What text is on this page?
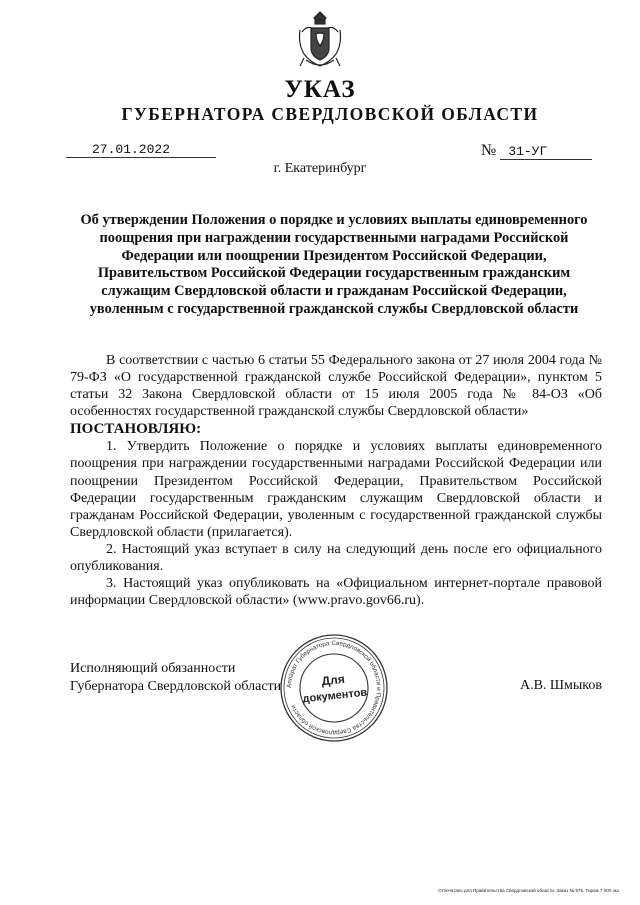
УКАЗ
ГУБЕРНАТОРА СВЕРДЛОВСКОЙ ОБЛАСТИ
27.01.2022	№ 31-УГ
г. Екатеринбург
Об утверждении Положения о порядке и условиях выплаты единовременного поощрения при награждении государственными наградами Российской Федерации или поощрении Президентом Российской Федерации, Правительством Российской Федерации государственным гражданским служащим Свердловской области и гражданам Российской Федерации, уволенным с государственной гражданской службы Свердловской области

В соответствии с частью 6 статьи 55 Федерального закона от 27 июля 2004 года № 79-ФЗ «О государственной гражданской службе Российской Федерации», пунктом 5 статьи 32 Закона Свердловской области от 15 июля 2005 года № 84-ОЗ «Об особенностях государственной гражданской службы Свердловской области»

ПОСТАНОВЛЯЮ:

1. Утвердить Положение о порядке и условиях выплаты единовременного поощрения при награждении государственными наградами Российской Федерации или поощрении Президентом Российской Федерации, Правительством Российской Федерации государственным гражданским служащим Свердловской области и гражданам Российской Федерации, уволенным с государственной гражданской службы Свердловской области (прилагается).

2. Настоящий указ вступает в силу на следующий день после его официального опубликования.

3. Настоящий указ опубликовать на «Официальном интернет-портале правовой информации Свердловской области» (www.pravo.gov66.ru).

Исполняющий обязанности
Губернатора Свердловской области	А.В. Шмыков
Аппарат Губернатора Свердловской области и Правительства Свердловской области
Для
документов
Отпечатано для Правительства Свердловской области. Заказ № 575. Тираж 7 000 экз.
